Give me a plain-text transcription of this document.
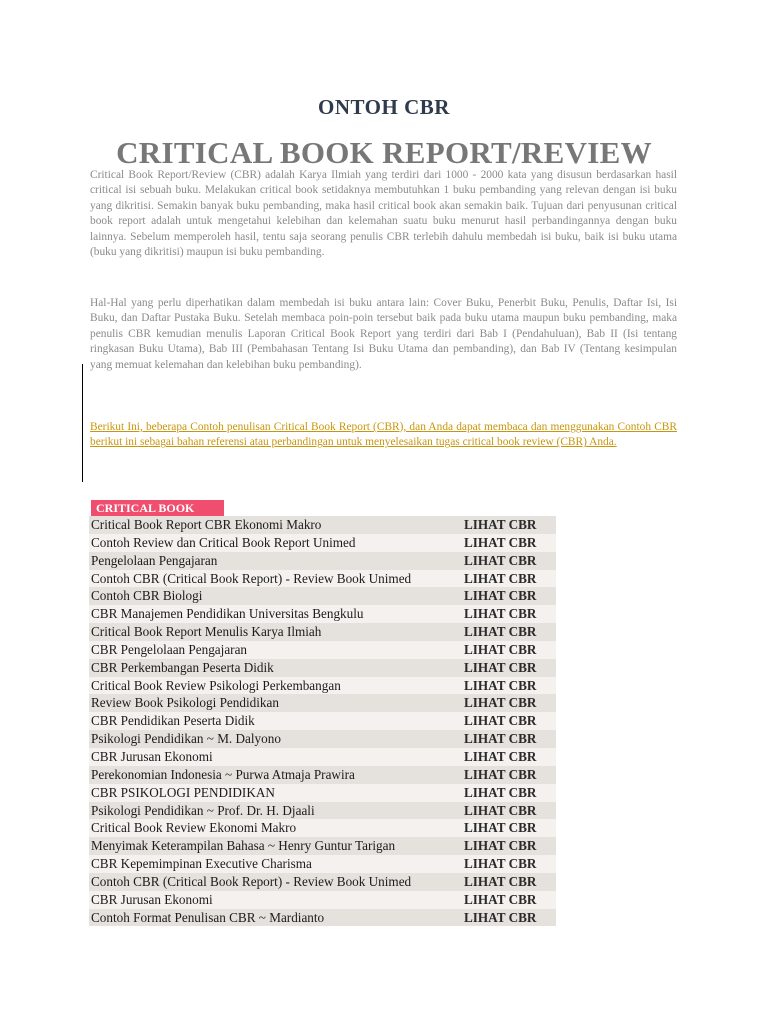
ONTOH CBR
CRITICAL BOOK REPORT/REVIEW

Critical Book Report/Review (CBR) adalah Karya Ilmiah yang terdiri dari 1000 - 2000 kata yang disusun berdasarkan hasil critical isi sebuah buku. Melakukan critical book setidaknya membutuhkan 1 buku pembanding yang relevan dengan isi buku yang dikritisi. Semakin banyak buku pembanding, maka hasil critical book akan semakin baik. Tujuan dari penyusunan critical book report adalah untuk mengetahui kelebihan dan kelemahan suatu buku menurut hasil perbandingannya dengan buku lainnya. Sebelum memperoleh hasil, tentu saja seorang penulis CBR terlebih dahulu membedah isi buku, baik isi buku utama (buku yang dikritisi) maupun isi buku pembanding.

Hal-Hal yang perlu diperhatikan dalam membedah isi buku antara lain: Cover Buku, Penerbit Buku, Penulis, Daftar Isi, Isi Buku, dan Daftar Pustaka Buku. Setelah membaca poin-poin tersebut baik pada buku utama maupun buku pembanding, maka penulis CBR kemudian menulis Laporan Critical Book Report yang terdiri dari Bab I (Pendahuluan), Bab II (Isi tentang ringkasan Buku Utama), Bab III (Pembahasan Tentang Isi Buku Utama dan pembanding), dan Bab IV (Tentang kesimpulan yang memuat kelemahan dan kelebihan buku pembanding).

Berikut Ini, beberapa Contoh penulisan Critical Book Report (CBR), dan Anda dapat membaca dan menggunakan Contoh CBR berikut ini sebagai bahan referensi atau perbandingan untuk menyelesaikan tugas critical book review (CBR) Anda.

CRITICAL BOOK
Critical Book Report CBR Ekonomi Makro	LIHAT CBR
Contoh Review dan Critical Book Report Unimed	LIHAT CBR
Pengelolaan Pengajaran	LIHAT CBR
Contoh CBR (Critical Book Report) - Review Book Unimed	LIHAT CBR
Contoh CBR Biologi	LIHAT CBR
CBR Manajemen Pendidikan Universitas Bengkulu	LIHAT CBR
Critical Book Report Menulis Karya Ilmiah	LIHAT CBR
CBR Pengelolaan Pengajaran	LIHAT CBR
CBR Perkembangan Peserta Didik	LIHAT CBR
Critical Book Review Psikologi Perkembangan	LIHAT CBR
Review Book Psikologi Pendidikan	LIHAT CBR
CBR Pendidikan Peserta Didik	LIHAT CBR
Psikologi Pendidikan ~ M. Dalyono	LIHAT CBR
CBR Jurusan Ekonomi	LIHAT CBR
Perekonomian Indonesia ~ Purwa Atmaja Prawira	LIHAT CBR
CBR PSIKOLOGI PENDIDIKAN	LIHAT CBR
Psikologi Pendidikan ~ Prof. Dr. H. Djaali	LIHAT CBR
Critical Book Review Ekonomi Makro	LIHAT CBR
Menyimak Keterampilan Bahasa ~ Henry Guntur Tarigan	LIHAT CBR
CBR Kepemimpinan Executive Charisma	LIHAT CBR
Contoh CBR (Critical Book Report) - Review Book Unimed	LIHAT CBR
CBR Jurusan Ekonomi	LIHAT CBR
Contoh Format Penulisan CBR ~ Mardianto	LIHAT CBR
